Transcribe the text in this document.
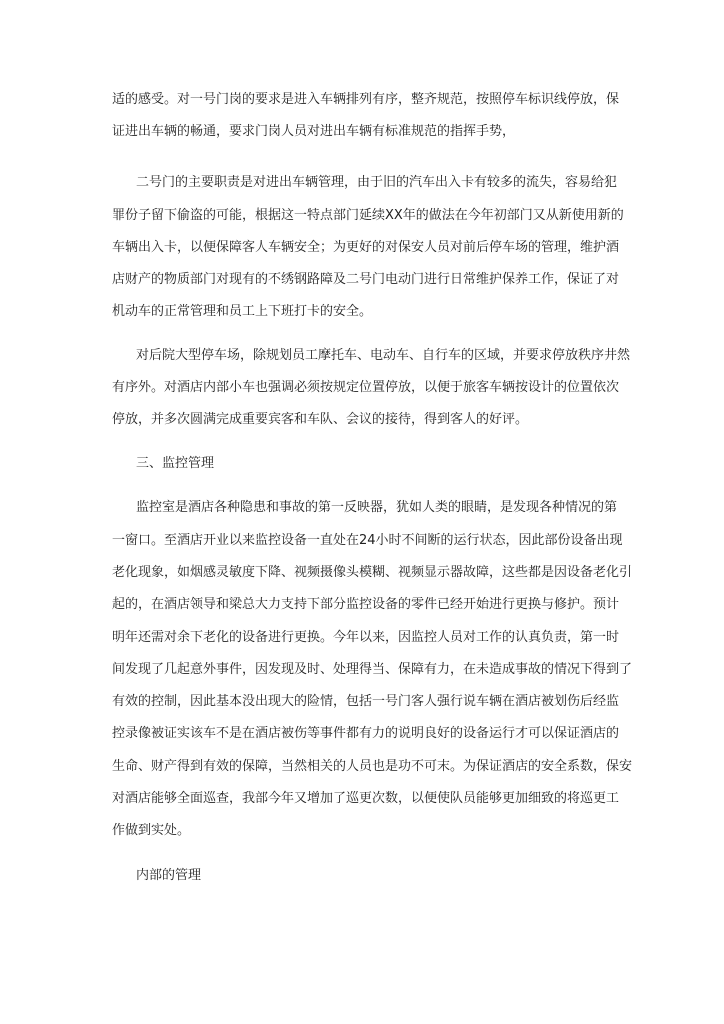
适的感受。对一号门岗的要求是进入车辆排列有序，整齐规范，按照停车标识线停放，保

证进出车辆的畅通，要求门岗人员对进出车辆有标准规范的指挥手势，

二号门的主要职责是对进出车辆管理，由于旧的汽车出入卡有较多的流失，容易给犯

罪份子留下偷盗的可能，根据这一特点部门延续XX年的做法在今年初部门又从新使用新的

车辆出入卡，以便保障客人车辆安全；为更好的对保安人员对前后停车场的管理，维护酒

店财产的物质部门对现有的不绣钢路障及二号门电动门进行日常维护保养工作，保证了对

机动车的正常管理和员工上下班打卡的安全。

对后院大型停车场，除规划员工摩托车、电动车、自行车的区域，并要求停放秩序井然

有序外。对酒店内部小车也强调必须按规定位置停放，以便于旅客车辆按设计的位置依次

停放，并多次圆满完成重要宾客和车队、会议的接待，得到客人的好评。

三、监控管理

监控室是酒店各种隐患和事故的第一反映器，犹如人类的眼睛，是发现各种情况的第

一窗口。至酒店开业以来监控设备一直处在24小时不间断的运行状态，因此部份设备出现

老化现象，如烟感灵敏度下降、视频摄像头模糊、视频显示器故障，这些都是因设备老化引

起的，在酒店领导和梁总大力支持下部分监控设备的零件已经开始进行更换与修护。预计

明年还需对余下老化的设备进行更换。今年以来，因监控人员对工作的认真负责，第一时

间发现了几起意外事件，因发现及时、处理得当、保障有力，在未造成事故的情况下得到了

有效的控制，因此基本没出现大的险情，包括一号门客人强行说车辆在酒店被划伤后经监

控录像被证实该车不是在酒店被伤等事件都有力的说明良好的设备运行才可以保证酒店的

生命、财产得到有效的保障，当然相关的人员也是功不可末。为保证酒店的安全系数，保安

对酒店能够全面巡查，我部今年又增加了巡更次数，以便使队员能够更加细致的将巡更工

作做到实处。

内部的管理
